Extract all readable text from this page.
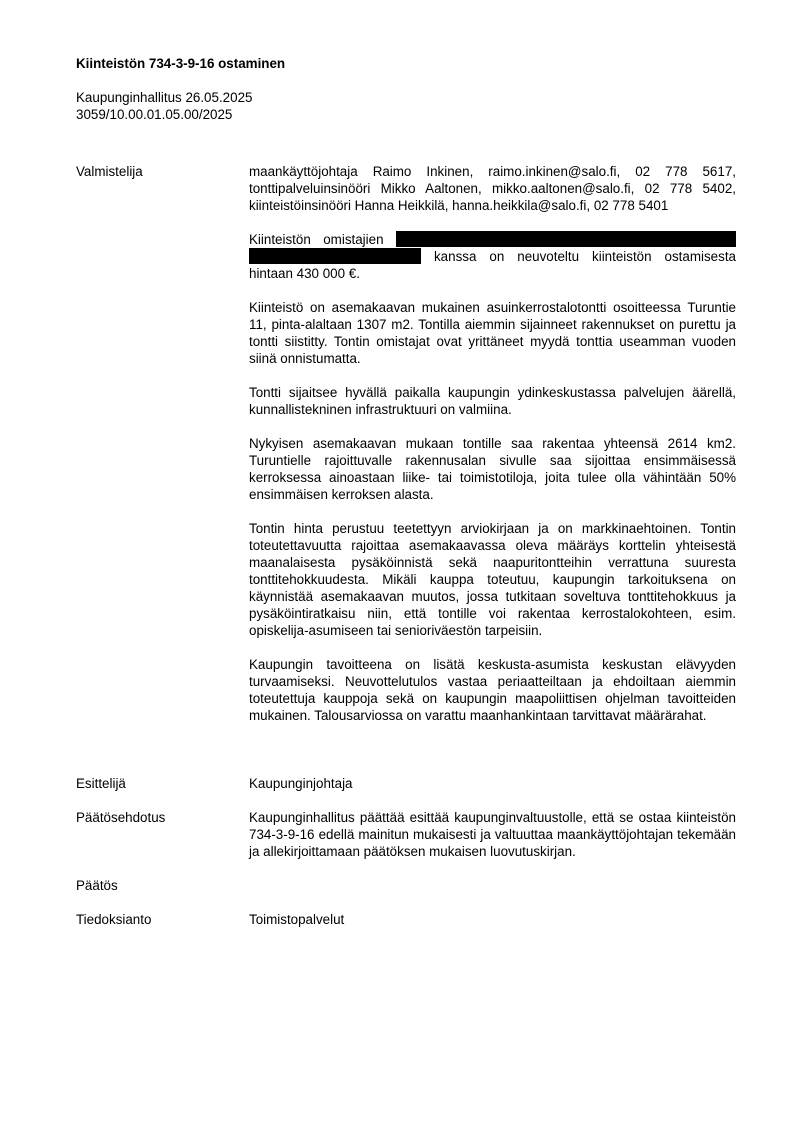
Kiinteistön 734-3-9-16 ostaminen
Kaupunginhallitus 26.05.2025
3059/10.00.01.05.00/2025
Valmistelija	maankäyttöjohtaja Raimo Inkinen, raimo.inkinen@salo.fi, 02 778 5617, tonttipalveluinsinööri Mikko Aaltonen, mikko.aaltonen@salo.fi, 02 778 5402, kiinteistöinsinööri Hanna Heikkilä, hanna.heikkila@salo.fi, 02 778 5401

Kiinteistön omistajien   kanssa on neuvoteltu kiinteistön ostamisesta hintaan 430 000 €.

Kiinteistö on asemakaavan mukainen asuinkerrostalotontti osoitteessa Turuntie 11, pinta-alaltaan 1307 m2. Tontilla aiemmin sijainneet rakennukset on purettu ja tontti siistitty. Tontin omistajat ovat yrittäneet myydä tonttia useamman vuoden siinä onnistumatta.

Tontti sijaitsee hyvällä paikalla kaupungin ydinkeskustassa palvelujen äärellä, kunnallistekninen infrastruktuuri on valmiina.

Nykyisen asemakaavan mukaan tontille saa rakentaa yhteensä 2614 km2. Turuntielle rajoittuvalle rakennusalan sivulle saa sijoittaa ensimmäisessä kerroksessa ainoastaan liike- tai toimistotiloja, joita tulee olla vähintään 50% ensimmäisen kerroksen alasta.

Tontin hinta perustuu teetettyyn arviokirjaan ja on markkinaehtoinen. Tontin toteutettavuutta rajoittaa asemakaavassa oleva määräys korttelin yhteisestä maanalaisesta pysäköinnistä sekä naapuritontteihin verrattuna suuresta tonttitehokkuudesta. Mikäli kauppa toteutuu, kaupungin tarkoituksena on käynnistää asemakaavan muutos, jossa tutkitaan soveltuva tonttitehokkuus ja pysäköintiratkaisu niin, että tontille voi rakentaa kerrostalokohteen, esim. opiskelija-asumiseen tai senioriväestön tarpeisiin.

Kaupungin tavoitteena on lisätä keskusta-asumista keskustan elävyyden turvaamiseksi. Neuvottelutulos vastaa periaatteiltaan ja ehdoiltaan aiemmin toteutettuja kauppoja sekä on kaupungin maapoliittisen ohjelman tavoitteiden mukainen. Talousarviossa on varattu maanhankintaan tarvittavat määrärahat.

Esittelijä	Kaupunginjohtaja
Päätösehdotus	Kaupunginhallitus päättää esittää kaupunginvaltuustolle, että se ostaa kiinteistön 734-3-9-16 edellä mainitun mukaisesti ja valtuuttaa maankäyttöjohtajan tekemään ja allekirjoittamaan päätöksen mukaisen luovutuskirjan.

Päätös
Tiedoksianto	Toimistopalvelut
